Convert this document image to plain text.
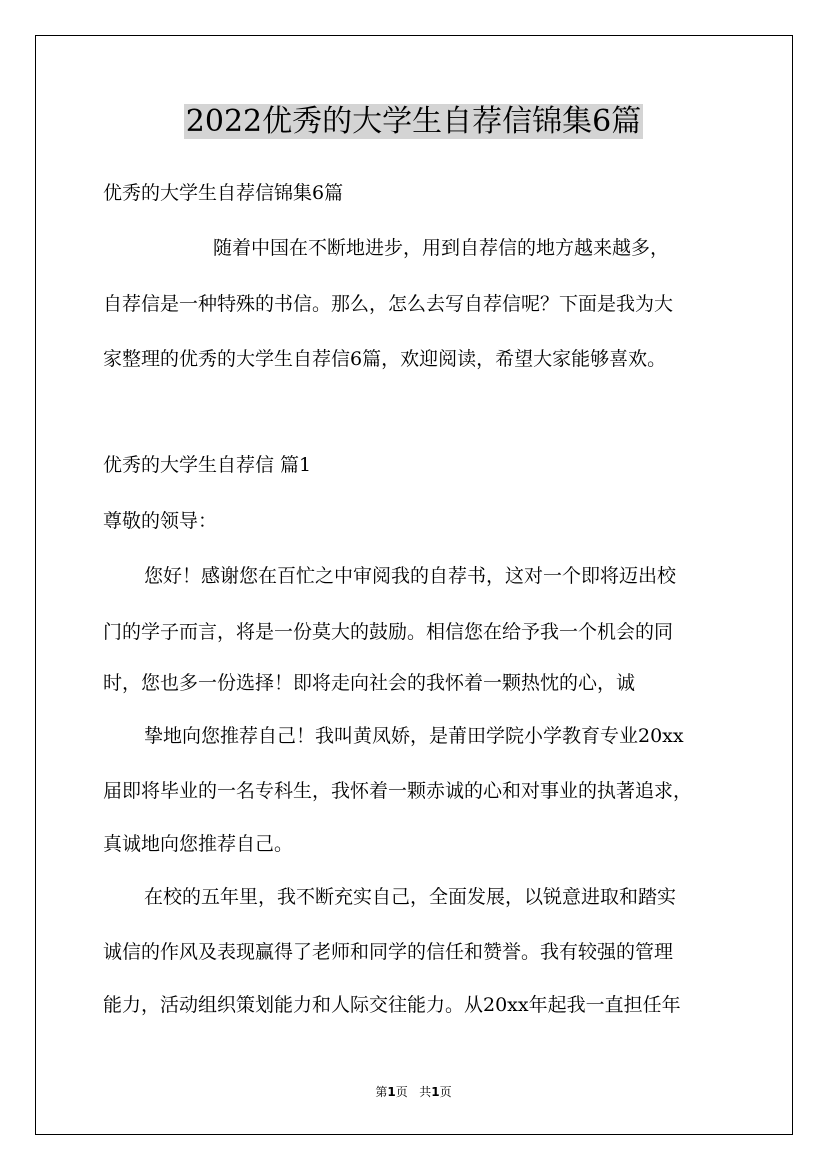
2022优秀的大学生自荐信锦集6篇

优秀的大学生自荐信锦集6篇

随着中国在不断地进步，用到自荐信的地方越来越多，

自荐信是一种特殊的书信。那么，怎么去写自荐信呢？下面是我为大

家整理的优秀的大学生自荐信6篇，欢迎阅读，希望大家能够喜欢。

优秀的大学生自荐信 篇1

尊敬的领导：

您好！感谢您在百忙之中审阅我的自荐书，这对一个即将迈出校

门的学子而言，将是一份莫大的鼓励。相信您在给予我一个机会的同

时，您也多一份选择！即将走向社会的我怀着一颗热忱的心，诚

挚地向您推荐自己！我叫黄凤娇，是莆田学院小学教育专业20xx

届即将毕业的一名专科生，我怀着一颗赤诚的心和对事业的执著追求，

真诚地向您推荐自己。

在校的五年里，我不断充实自己，全面发展，以锐意进取和踏实

诚信的作风及表现赢得了老师和同学的信任和赞誉。我有较强的管理

能力，活动组织策划能力和人际交往能力。从20xx年起我一直担任年

第1页 共1页
